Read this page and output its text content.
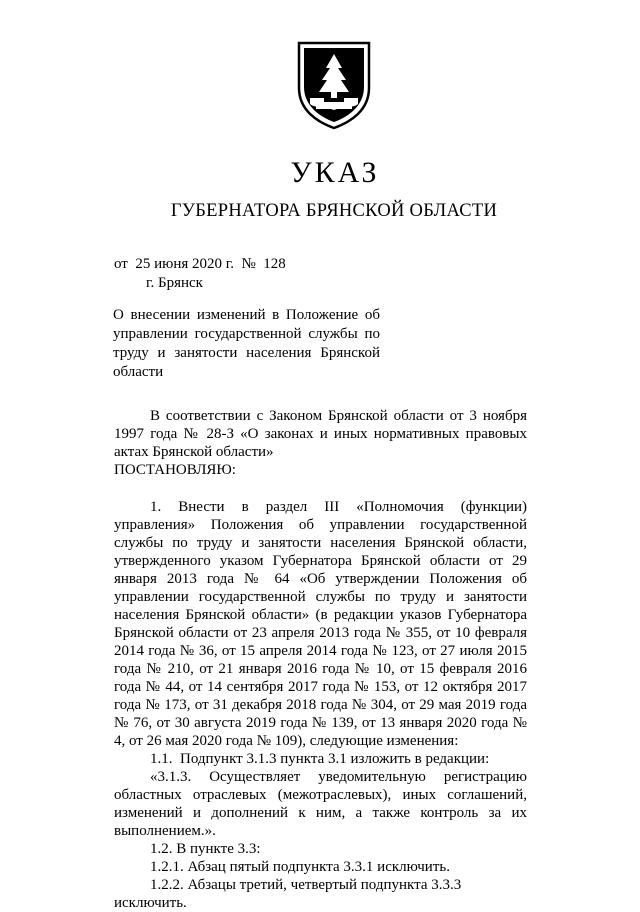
УКАЗ
ГУБЕРНАТОРА БРЯНСКОЙ ОБЛАСТИ
от  25 июня 2020 г.  №  128
г. Брянск
О внесении изменений в Положение об управлении государственной службы по труду и занятости населения Брянской области

В соответствии с Законом Брянской области от 3 ноября 1997 года № 28-З «О законах и иных нормативных правовых актах Брянской области»

ПОСТАНОВЛЯЮ:

1. Внести в раздел III «Полномочия (функции) управления» Положения об управлении государственной службы по труду и занятости населения Брянской области, утвержденного указом Губернатора Брянской области от 29 января 2013 года № 64 «Об утверждении Положения об управлении государственной службы по труду и занятости населения Брянской области» (в редакции указов Губернатора Брянской области от 23 апреля 2013 года № 355, от 10 февраля 2014 года № 36, от 15 апреля 2014 года № 123, от 27 июля 2015 года № 210, от 21 января 2016 года № 10, от 15 февраля 2016 года № 44, от 14 сентября 2017 года № 153, от 12 октября 2017 года № 173, от 31 декабря 2018 года № 304, от 29 мая 2019 года № 76, от 30 августа 2019 года № 139, от 13 января 2020 года № 4, от 26 мая 2020 года № 109), следующие изменения:

1.1.  Подпункт 3.1.3 пункта 3.1 изложить в редакции:

«3.1.3. Осуществляет уведомительную регистрацию областных отраслевых (межотраслевых), иных соглашений, изменений и дополнений к ним, а также контроль за их выполнением.».

1.2. В пункте 3.3:

1.2.1. Абзац пятый подпункта 3.3.1 исключить.

1.2.2. Абзацы третий, четвертый подпункта 3.3.3 исключить.
